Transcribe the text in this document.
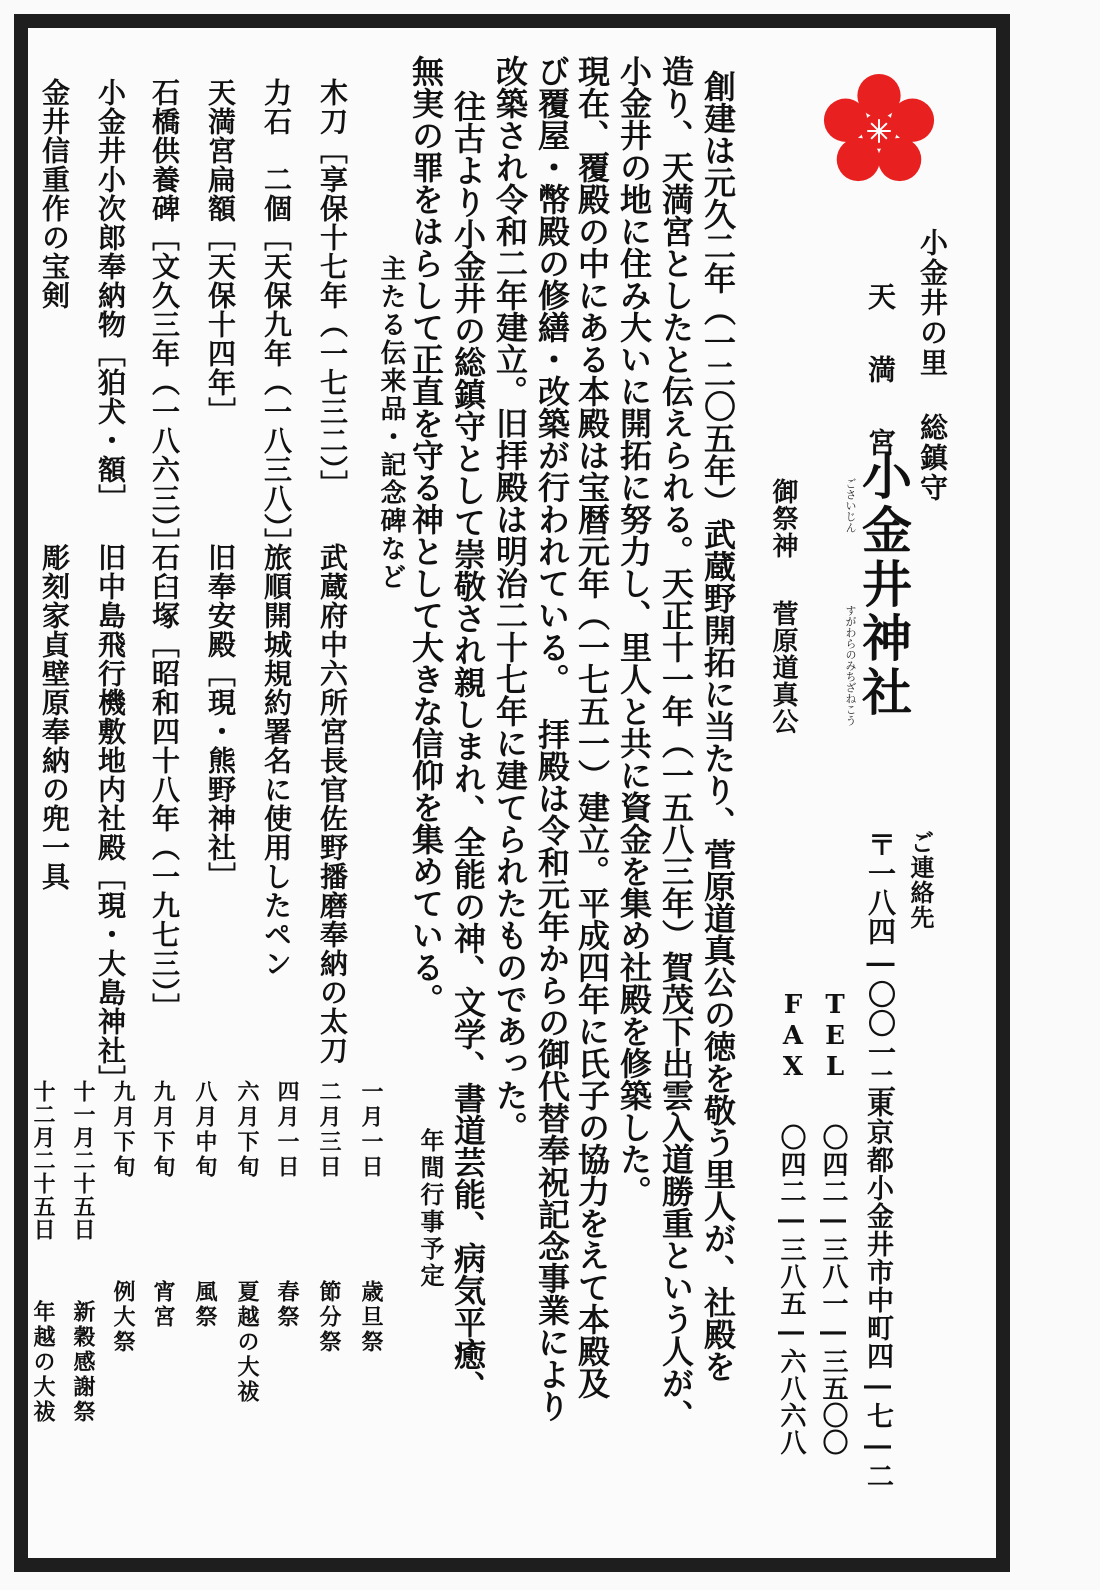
小金井の里 総鎮守
天 満 宮
小金井神社
ごさいじん
すがわらのみちざねこう
御祭神
菅原道真公
ご連絡先
〒一八四―〇〇一二
東京都小金井市中町四―七―二
TEL
〇四二―三八一―三五〇〇
FAX
〇四二―三八五―六八六八
創建は元久二年（一二〇五年）武蔵野開拓に当たり、菅原道真公の徳を敬う里人が、社殿を
造り、天満宮としたと伝えられる。天正十一年（一五八三年）賀茂下出雲入道勝重という人が、
小金井の地に住み大いに開拓に努力し、里人と共に資金を集め社殿を修築した。
現在、覆殿の中にある本殿は宝暦元年（一七五一）建立。平成四年に氏子の協力をえて本殿及
び覆屋・幣殿の修繕・改築が行われている。
拝殿は令和元年からの御代替奉祝記念事業により
改築され令和二年建立。旧拝殿は明治二十七年に建てられたものであった。
往古より小金井の総鎮守として崇敬され親しまれ、全能の神、文学、書道芸能、病気平癒、
無実の罪をはらして正直を守る神として大きな信仰を集めている。
主たる伝来品・記念碑など
木刀［享保十七年（一七三二）］
力石　二個［天保九年（一八三八）］
天満宮扁額［天保十四年］
石橋供養碑［文久三年（一八六三）］
小金井小次郎奉納物［狛犬・額］
金井信重作の宝剣
武蔵府中六所宮長官佐野播磨奉納の太刀
旅順開城規約署名に使用したペン
旧奉安殿［現・熊野神社］
石臼塚［昭和四十八年（一九七三）］
旧中島飛行機敷地内社殿［現・大島神社］
彫刻家貞壁原奉納の兜一具
年間行事予定
一月一日
歳旦祭
二月三日
節分祭
四月一日
春祭
六月下旬
夏越の大祓
八月中旬
風祭
九月下旬
宵宮
九月下旬
例大祭
十一月二十五日
新穀感謝祭
十二月二十五日
年越の大祓
